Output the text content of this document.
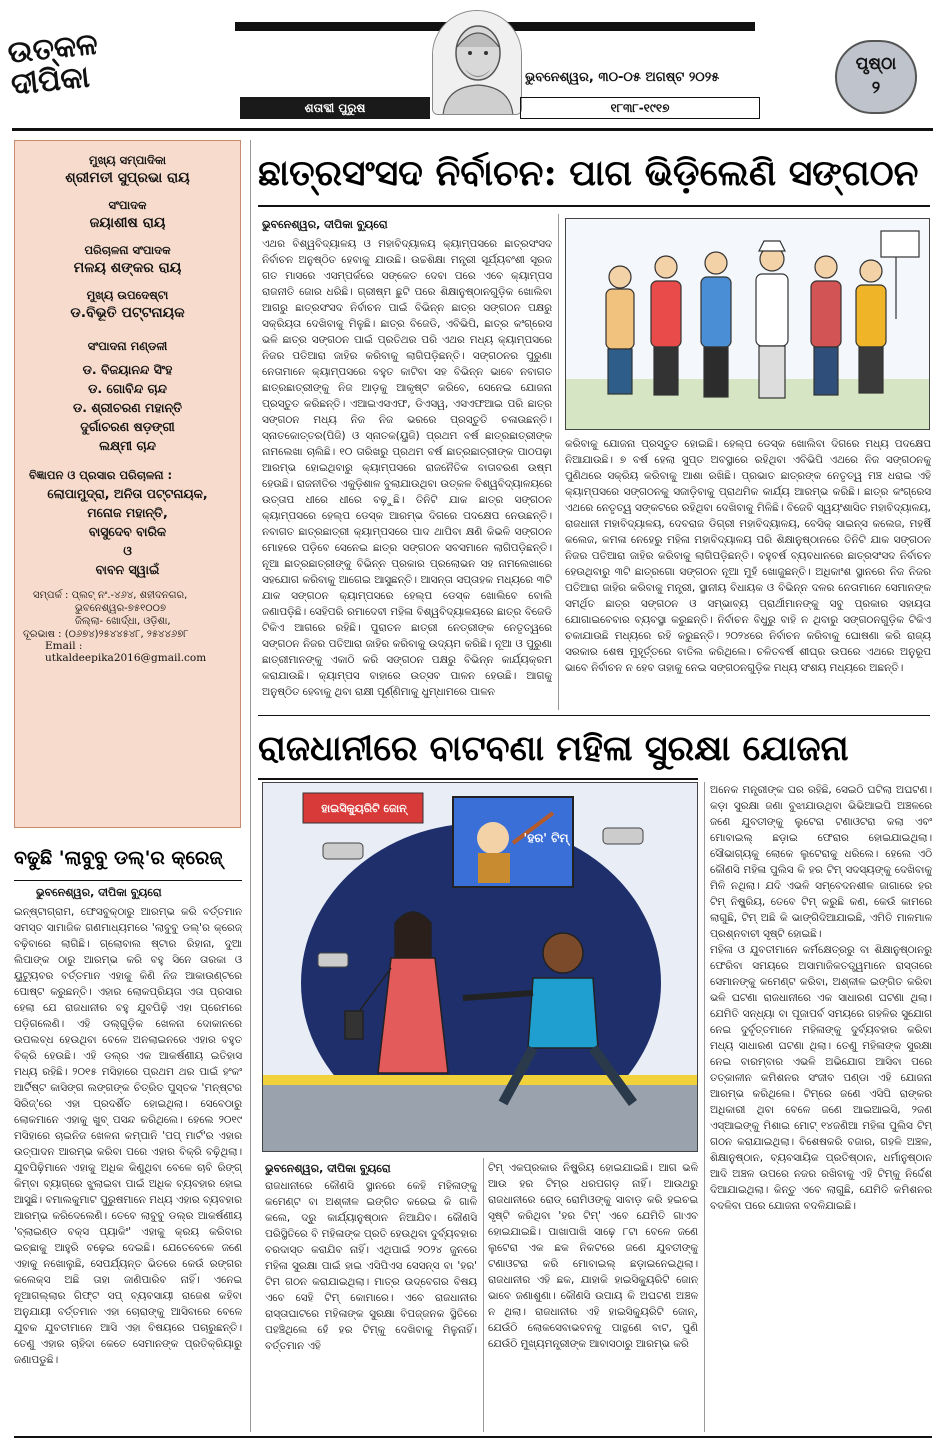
ଉତ୍କଳ ଦୀପିକା	ଭୁବନେଶ୍ୱର, ୩୦-୦୫ ଅଗଷ୍ଟ ୨୦୨୫
ଶତାବ୍ଦୀ ପୁରୁଷ	୧୮୩୮-୧୯୧୭
ପୃଷ୍ଠା
୨
ମୁଖ୍ୟ ସମ୍ପାଦିକା
ଶ୍ରୀମତୀ ସୁପ୍ରଭା ରାୟ
ସଂପାଦକ
ଜୟାଶୀଷ ରାୟ
ପରିଚାଳନା ସଂପାଦକ
ମଳୟ ଶଙ୍କର ରାୟ
ମୁଖ୍ୟ ଉପଦେଷ୍ଟା
ଡ.ବିଭୂତି ପଟ୍ଟନାୟକ
ସଂପାଦନା ମଣ୍ଡଳୀ
ଡ. ବିଜୟାନନ୍ଦ ସିଂହ
ଡ. ଗୋବିନ୍ଦ ଚାନ୍ଦ
ଡ. ଶ୍ରୀଚରଣ ମହାନ୍ତି
ଦୁର୍ଗାଚରଣ ଷଡ଼ଙ୍ଗୀ
ଲକ୍ଷ୍ମୀ ଚାନ୍ଦ
ବିଜ୍ଞାପନ ଓ ପ୍ରସାର ପରିଚାଳନା :
ଲୋପାମୁଦ୍ରା, ଅନିତା ପଟ୍ଟନାୟକ,
ମନୋଜ ମହାନ୍ତି,
ବାସୁଦେବ ବାରିକ
ଓ
ବାବନ ସ୍ୱାଇଁ
ସମ୍ପର୍କ : ପ୍ଲଟ୍ ନଂ.-୪୬୪, ଶହୀଦନଗର,
ଭୁବନେଶ୍ୱର-୭୫୧୦୦୭
ଜିଲ୍ଲା- ଖୋର୍ଦ୍ଧା, ଓଡ଼ିଶା,
ଦୂରଭାଷ : (୦୬୭୪)୨୫୪୪୫୪୮, ୨୫୪୪୬୭୮
Email : utkaldeepika2016@gmail.com
ଛାତ୍ରସଂସଦ ନିର୍ବାଚନ: ପାଗ ଭିଡ଼ିଲେଣି ସଙ୍ଗଠନ
ଭୁବନେଶ୍ୱର, ଦୀପିକା ବ୍ୟୁରୋ
ଏଥର ବିଶ୍ୱବିଦ୍ୟାଳୟ ଓ ମହାବିଦ୍ୟାଳୟ କ୍ୟାମ୍ପସରେ ଛାତ୍ରସଂସଦ ନିର୍ବାଚନ ଅନୁଷ୍ଠିତ ହେବାକୁ ଯାଉଛି। ଉଚ୍ଚଶିକ୍ଷା ମନ୍ତ୍ରୀ ସୂର୍ଯ୍ୟବଂଶୀ ସୂରଜ ଗତ ମାସରେ ଏସମ୍ପର୍କରେ ସଙ୍କେତ ଦେବା ପରେ ଏବେ କ୍ୟାମ୍ପସ ରାଜନୀତି ଜୋର ଧରିଛି। ଗ୍ରୀଷ୍ମ ଛୁଟି ପରେ ଶିକ୍ଷାନୁଷ୍ଠାନଗୁଡ଼ିକ ଖୋଲିବା ଆଗରୁ ଛାତ୍ରସଂସଦ ନିର୍ବାଚନ ପାଇଁ ବିଭିନ୍ନ ଛାତ୍ର ସଙ୍ଗଠନ ପକ୍ଷରୁ ସକ୍ରିୟତା ଦେଖିବାକୁ ମିଳୁଛି। ଛାତ୍ର ବିଜେଡି, ଏବିଭିପି, ଛାତ୍ର କଂଗ୍ରେସ ଭଳି ଛାତ୍ର ସଙ୍ଗଠନ ପାଇଁ ପ୍ରତିଥର ପରି ଏଥର ମଧ୍ୟ କ୍ୟାମ୍ପସରେ ନିଜର ପତିଆରା ଜାହିର କରିବାକୁ ଲାଗିପଡ଼ିଛନ୍ତି। ସଙ୍ଗଠନର ପୁରୁଣା ନେତାମାନେ କ୍ୟାମ୍ପସରେ ବହୁତ କାଟିବା ସହ ବିଭିନ୍ନ ଭାବେ ନବାଗତ ଛାତ୍ରଛାତ୍ରୀଙ୍କୁ ନିଜ ଆଡ଼କୁ ଆକୃଷ୍ଟ କରିବେ, ସେନେଇ ଯୋଜନା ପ୍ରସ୍ତୁତ କରିଛନ୍ତି। ଏଆଇଏସଏଫ, ଡିଏସୱ, ଏସଏଫଆଇ ପରି ଛାତ୍ର ସଙ୍ଗଠନ ମଧ୍ୟ ନିଜ ନିଜ ଭରରେ ପ୍ରସ୍ତୁତି ଚଳାଉଛନ୍ତି। ସ୍ନାତକୋତ୍ତର(ପିଜି) ଓ ସ୍ନାତକ(ୟୁଜି) ପ୍ରଥମ ବର୍ଷ ଛାତ୍ରଛାତ୍ରୀଙ୍କ ନାମଲେଖା ଚାଲିଛି। ୧୦ ତାରିଖରୁ ପ୍ରଥମ ବର୍ଷ ଛାତ୍ରଛାତ୍ରୀଙ୍କ ପାଠପଢ଼ା ଆରମ୍ଭ ହୋଇଥିବାରୁ କ୍ୟାମ୍ପସରେ ରାଜନୈତିକ ବାତାବରଣ ଉଷ୍ମ ହେଉଛି। ରାଜନୀତିର ଏକୁଡ଼ିଶାଳ ବୁଲାଯାଉଥିବା ଉତ୍କଳ ବିଶ୍ୱବିଦ୍ୟାଳୟରେ ଉତ୍ତାପ ଧୀରେ ଧୀରେ ବଢ଼ୁଛି। ତିନିଟି ଯାକ ଛାତ୍ର ସଙ୍ଗଠନ କ୍ୟାମ୍ପସରେ ହେଲ୍ପ ଡେସ୍କ ଆରମ୍ଭ ଦିଗରେ ପଦକ୍ଷେପ ନେଉଛନ୍ତି। ନବାଗତ ଛାତ୍ରଛାତ୍ରୀ କ୍ୟାମ୍ପସରେ ପାଦ ଥାପିବା କ୍ଷଣି କିଭଳି ସଙ୍ଗଠନ ମୋହରେ ପଡ଼ିବେ ସେନେଇ ଛାତ୍ର ସଙ୍ଗଠନ ସବସମାନେ ଲାଗିପଡ଼ିଛନ୍ତି। ନୂଆ ଛାତ୍ରଛାତ୍ରୀଙ୍କୁ ବିଭିନ୍ନ ପ୍ରକାର ପ୍ରଲୋଭନ ସହ ନାମଲେଖାରେ ସହଯୋଗ କରିବାକୁ ଆଗେଇ ଆସୁଛନ୍ତି। ଆସନ୍ତା ସପ୍ତାହକ ମଧ୍ୟରେ ୩ଟି ଯାକ ସଙ୍ଗଠନ କ୍ୟାମ୍ପସରେ ହେଲ୍ପ ଡେସ୍କ ଖୋଲିବେ ବୋଲି ଜଣାପଡ଼ିଛି। ସେହିପରି ରମାଦେବୀ ମହିଳା ବିଶ୍ୱବିଦ୍ୟାଳୟରେ ଛାତ୍ର ବିଜେଡି ଟିକିଏ ଆଗରେ ରହିଛି। ପୁରାତନ ଛାତ୍ରୀ ନେତ୍ରୀଙ୍କ ନେତୃତ୍ୱରେ ସଙ୍ଗଠନ ନିଜର ପତିଆରା ଜାହିର କରିବାକୁ ଉଦ୍ୟମ କରିଛି। ନୂଆ ଓ ପୁରୁଣା ଛାତ୍ରୀମାନଙ୍କୁ ଏକାଠି କରି ସଙ୍ଗଠନ ପକ୍ଷରୁ ବିଭିନ୍ନ କାର୍ଯ୍ୟକ୍ରମ କରାଯାଉଛି। କ୍ୟାମ୍ପସ ବାହାରେ ଉତ୍ସବ ପାଳନ ହେଉଛି। ଆଗକୁ ଅନୁଷ୍ଠିତ ହେବାକୁ ଥିବା ରାକ୍ଷୀ ପୂର୍ଣ୍ଣିମାକୁ ଧୁମ୍‌ଧାମରେ ପାଳନ
କରିବାକୁ ଯୋଜନା ପ୍ରସ୍ତୁତ ହୋଇଛି। ହେଲ୍ପ ଡେସ୍କ ଖୋଲିବା ଦିଗରେ ମଧ୍ୟ ପଦକ୍ଷେପ ନିଆଯାଉଛି। ୭ ବର୍ଷ ହେଲା ସୁପ୍ତ ଅବସ୍ଥାରେ ରହିଥିବା ଏବିଭିପି ଏଥରେ ନିଜ ସଙ୍ଗଠନକୁ ପୁଣିଥରେ ସକ୍ରିୟ କରିବାକୁ ଆଶା ରଖିଛି। ପ୍ରଭାତ ଛାତ୍ରଙ୍କ ନେତୃତ୍ୱ ମଞ୍ଚ ଧରାଇ ଏହି କ୍ୟାମ୍ପସରେ ସଙ୍ଗଠନକୁ ସଜାଡ଼ିବାକୁ ପ୍ରାଥମିକ କାର୍ଯ୍ୟ ଆରମ୍ଭ କରିଛି। ଛାତ୍ର କଂଗ୍ରେସ ଏଥରେ ନେତୃତ୍ୱ ସଙ୍କଟରେ ରହିଥିବା ଦେଖିବାକୁ ମିଳିଛି। ବିଜେବି ସ୍ୱୟଂଶାସିତ ମହାବିଦ୍ୟାଳୟ, ରାଜଧାନୀ ମହାବିଦ୍ୟାଳୟ, ଦେବରାଜ ଡିଗ୍ରୀ ମହାବିଦ୍ୟାଳୟ, ବେସିକ୍ ସାଇନ୍ସ କଲେଜ, ମହର୍ଷି କଲେଜ, କମଳା ନେହେରୁ ମହିଳା ମହାବିଦ୍ୟାଳୟ ପରି ଶିକ୍ଷାନୁଷ୍ଠାନରେ ତିନିଟି ଯାକ ସଙ୍ଗଠନ ନିଜର ପତିଆରା ଜାହିର କରିବାକୁ ଲାଗିପଡ଼ିଛନ୍ତି। ବହୁବର୍ଷ ବ୍ୟବଧାନରେ ଛାତ୍ରସଂସଦ ନିର୍ବାଚନ ହେଉଥିବାରୁ ୩ଟି ଛାତ୍ରଗୋ ସଙ୍ଗଠନ ନୂଆ ମୁହଁ ଖୋଜୁଛନ୍ତି। ଅଧିକାଂଶ ସ୍ଥାନରେ ନିଜ ନିଜର ପତିଆରା ଜାହିର କରିବାକୁ ମନ୍ତ୍ରୀ, ସ୍ଥାନୀୟ ବିଧାୟକ ଓ ବିଭିନ୍ନ ଦଳର ନେତାମାନେ ସେମାନଙ୍କ ସମର୍ଥିତ ଛାତ୍ର ସଙ୍ଗଠନ ଓ ସମ୍ଭାବ୍ୟ ପ୍ରାର୍ଥୀମାନଙ୍କୁ ସବୁ ପ୍ରକାର ସହାୟତା ଯୋଗାଇବେବାର ବ୍ୟବସ୍ଥା କରୁଛନ୍ତି। ନିର୍ବାଚନ ବିଧୁରୁ ବାହି ନ ଥିବାରୁ ସଙ୍ଗଠନଗୁଡ଼ିକ ଟିକିଏ ଚକାଯାଉଛି ମଧ୍ୟରେ ରହି କରୁଛନ୍ତି। ୨୦୨୪ରେ ନିର୍ବାଚନ କରିବାକୁ ଘୋଷଣା କରି ରାଜ୍ୟ ସରକାର ଶେଷ ମୁହୂର୍ତ୍ତରେ ବାତିଲ କରିଥିଲେ। ଚଳିତବର୍ଷ ଶୀଘ୍ର ଉପରେ ଏଥରେ ଅନୁରୂପ ଭାବେ ନିର୍ବାଚନ ନ ହେବ ତାହାକୁ ନେଇ ସଙ୍ଗଠନଗୁଡ଼ିକ ମଧ୍ୟ ସଂଶୟ ମଧ୍ୟରେ ଅଛନ୍ତି।
ରାଜଧାନୀରେ ବାଟବଣା ମହିଳା ସୁରକ୍ଷା ଯୋଜନା
ହାଇସିକ୍ୟୁରିଟି ଜୋନ୍
'ହର' ଟିମ୍
ଭୁବନେଶ୍ୱର, ଦୀପିକା ବ୍ୟୁରୋ
ରାଜଧାନୀରେ କୌଣସି ସ୍ଥାନରେ କେହି ମହିଳାଙ୍କୁ କମେଣ୍ଟ ବା ଅଶ୍ଳୀଳ ଇଙ୍ଗିତ କରେଇ କି ଗାଳି କଲେ, ଦ୍ରୁ କାର୍ଯ୍ୟାନୁଷ୍ଠାନ ନିଆଯିବ। କୌଣସି ପରିସ୍ଥିତିରେ ବି ମହିଳାଙ୍କ ପ୍ରତି ହେଉଥିବା ଦୁର୍ବ୍ୟବହାର ବରଦାସ୍ତ କରାଯିବ ନାହିଁ। ଏଥିପାଇଁ ୨୦୨୪ ଜୁନରେ ମହିଳା ସୁରକ୍ଷା ପାଇଁ ହାଇ ଏସିପିଏସ ସେସନ୍ସ ବା 'ହର' ଟିମ ଗଠନ କରାଯାଇଥିଲା। ମାତ୍ର ଉଦ୍‌ବେଗର ବିଷୟ ଏବେ ସେହି ଟିମ୍ କୋମାରେ। ଏବେ ରାଜଧାନୀର ରାସ୍ତାଘାଟରେ ମହିଳାଙ୍କ ସୁରକ୍ଷା ବିପଜ୍ଜନକ ସ୍ଥିତିରେ ପହଞ୍ଚିଥିଲେ ହେଁ ହର ଟିମ୍‌କୁ ଦେଖିବାକୁ ମିଳୁନାହିଁ। ବର୍ତ୍ତମାନ ଏହି
ଟିମ୍ ଏକପ୍ରକାର ନିଷ୍କ୍ରିୟ ହୋଇଯାଇଛି। ଆଗ ଭଳି ଆଉ ହର ଟିମ୍‌ର ଧରପଗଡ଼ ନାହିଁ। ଆଉଥରୁ ରାଜଧାନୀରେ ରୋଡ୍ ରୋମିଓଙ୍କୁ ସାବାଡ଼ କରି ହଇଚଇ ସୃଷ୍ଟି କରିଥିବା 'ହର ଟିମ୍' ଏବେ ଯେମିତି ଗାଏବ ହୋଇଯାଇଛି। ପାଖାପାଖି ସାଢ଼େ ୮ଟା ବେଳେ ଜଣେ ଲୁଟେରା ଏକ ଛକ ନିକଟରେ ଜଣେ ଯୁବତୀଙ୍କୁ ଟଣାଓଟରା କରି ମୋବାଇଲ୍ ଛଡ଼ାଇନେଇଥିଲା। ରାଜଧାନୀର ଏହି ଛକ, ଯାହାକି ହାଇସିକ୍ୟୁରିଟି ଜୋନ୍ ଭାବେ ଜଣାଶୁଣା। କୌଣସି ଉପାୟ କି ଅଘଟଣ ଅଞ୍ଚଳ ନ ଥିଲା। ରାଜଧାନୀର ଏହି ହାଇସିକ୍ୟୁରିଟି ଜୋନ୍, ଯେଉଁଠି ଲୋକସେବାଭବନକୁ ପାନ୍ଥଣେ ବାଟ, ପୁଣି ଯେଉଁଠି ମୁଖ୍ୟମନ୍ତ୍ରୀଙ୍କ ଆବାସଠାରୁ ଆରମ୍ଭ କରି
ଅନେକ ମନ୍ତ୍ରୀଙ୍କ ଘର ରହିଛି, ସେଇଠି ଘଟିଲା ଅଘଟଣ। କଡ଼ା ସୁରକ୍ଷା ଜଣା ବୁଝାଯାଉଥିବା ଭିଭିଆଇପି ଅଞ୍ଚଳରେ ଜଣେ ଯୁବତୀଙ୍କୁ ଲୁଟେରା ଟଣାଓଟରା କଲା ଏବଂ ମୋବାଇଲ୍ ଛଡ଼ାଇ ଫେରାର ହୋଇଯାଇଥିଲା। ସୌଭାଗ୍ୟକୁ ଲୋକେ ଲୁଟେରାକୁ ଧରିଲେ। ହେଲେ ଏଠି କୌଣସି ମହିଳା ପୁଲିସ କି ହର ଟିମ୍ ସଦସ୍ୟଙ୍କୁ ଦେଖିବାକୁ ମିଳି ନଥିଲା। ଯଦି ଏଭଳି ସମ୍ବେଦନଶୀଳ ଜାଗାରେ ହର ଟିମ୍ ନିଷ୍କ୍ରିୟ, ତେବେ ଟିମ୍ କରୁଛି କଣ, କେଉଁ କାମରେ ଲାଗୁଛି, ଟିମ୍ ଅଛି କି ଭାଙ୍ଗିଦିଆଯାଇଛି, ଏମିତି ମାଳମାଳ ପ୍ରଶ୍ନବାଚୀ ସୃଷ୍ଟି ହୋଇଛି।
ମହିଳା ଓ ଯୁବତୀମାନେ କର୍ମକ୍ଷେତ୍ରରୁ ବା ଶିକ୍ଷାନୁଷ୍ଠାନରୁ ଫେରିବା ସମୟରେ ଅସାମାଜିକତତ୍ତ୍ୱମାନେ ରାସ୍ତାରେ ସେମାନଙ୍କୁ କମେଣ୍ଟ କରିବା, ଅଶ୍ଳୀଳ ଇଙ୍ଗିତ କରିବା ଭଳି ଘଟଣା ରାଜଧାନୀରେ ଏକ ସାଧାରଣ ଘଟଣା ଥିଲା। ଯେମିତି ସନ୍ଧ୍ୟା ବା ପୂଜାପର୍ବ ସମୟରେ ଗହଳିର ସୁଯୋଗ ନେଇ ଦୁର୍ବୃତ୍ତମାନେ ମହିଳାଙ୍କୁ ଦୁର୍ବ୍ୟବହାର କରିବା ମଧ୍ୟ ସାଧାରଣ ଘଟଣା ଥିଲା। ତେଣୁ ମହିଳାଙ୍କ ସୁରକ୍ଷା ନେଇ ବାରମ୍ବାର ଏଭଳି ଅଭିଯୋଗ ଆସିବା ପରେ ତତ୍କାଳୀନ କମିଶନର ସଂଜୀବ ପଣ୍ଡା ଏହି ଯୋଜନା ଆରମ୍ଭ କରିଥିଲେ। ଟିମ୍‌ରେ ଜଣେ ଏସିପି ରାଙ୍କର ଅଧିକାରୀ ଥିବା ବେଳେ ଜଣେ ଆଇଆଇସି, ୨ଜଣ ଏସ୍ଆଇଙ୍କୁ ମିଶାଇ ମୋଟ୍ ୧୪ଜଣିଆ ମହିଳା ପୁଲିସ ଟିମ୍ ଗଠନ କରାଯାଇଥିଲା। ବିଶେଷକରି ବଜାର, ଗହଳି ଅଞ୍ଚଳ, ଶିକ୍ଷାନୁଷ୍ଠାନ, ବ୍ୟବସାୟିକ ପ୍ରତିଷ୍ଠାନ, ଧର୍ମାନୁଷ୍ଠାନ ଆଦି ଅଞ୍ଚଳ ଉପରେ ନଜର ରଖିବାକୁ ଏହି ଟିମ୍‌କୁ ନିର୍ଦ୍ଦେଶ ଦିଆଯାଇଥିଲା। କିନ୍ତୁ ଏବେ ଲାଗୁଛି, ଯେମିତି କମିଶନର ବଦଳିବା ପରେ ଯୋଜନା ବଦଳିଯାଇଛି।
ବଢୁଛି 'ଲାବୁବୁ ଡଲ୍'ର କ୍ରେଜ୍
ଭୁବନେଶ୍ୱର, ଦୀପିକା ବ୍ୟୁରୋ
ଇନ୍‌ଷ୍ଟାଗ୍ରାମ, ଫେସବୁକ୍‌ଠାରୁ ଆରମ୍ଭ କରି ବର୍ତ୍ତମାନ ସମସ୍ତ ସାମାଜିକ ଗଣମାଧ୍ୟମରେ 'ଲାବୁବୁ ଡଲ୍'ର କ୍ରେଜ୍ ବଢ଼ିବାରେ ଲାଗିଛି। ଗ୍ଲୋବାଲ ଷ୍ଟାର ରିହାନା, ଦୁଆ ଲିପାଙ୍କ ଠାରୁ ଆରମ୍ଭ କରି ବହୁ ସିନେ ତାରକା ଓ ୟୁଟ୍ୟୁବର ବର୍ତ୍ତମାନ ଏହାକୁ କିଣି ନିଜ ଆକାଉଣ୍ଟରେ ପୋଷ୍ଟ କରୁଛନ୍ତି। ଏହାର ଲୋକପ୍ରିୟତା ଏତା ପ୍ରସାର ହେଲା ଯେ ରାଜଧାନୀର ବହୁ ଯୁବପିଢ଼ି ଏହା ପ୍ରେମରେ ପଡ଼ିଗଲେଣି। ଏହି ଡଲ୍‌ଗୁଡ଼ିକ ଖେଳନା ଦୋକାନରେ ଉପଲବ୍ଧ ହେଉଥିବା ବେଳେ ଅନଲାଇନରେ ଏହାର ବହୁତ ବିକ୍ରି ହେଉଛି। ଏହି ଡଲ୍‌ର ଏକ ଆକର୍ଷଣୀୟ ଇତିହାସ ମଧ୍ୟ ରହିଛି। ୨୦୧୫ ମସିହାରେ ପ୍ରଥମ ଥର ପାଇଁ ହଂକଂ ଆର୍ଟିଷ୍ଟ କାସିଙ୍ଗ ଲଙ୍ଗଙ୍କ ଚିତ୍ରିତ ପୁସ୍ତକ 'ମନ୍‌ଷ୍ଟର ସିରିଜ୍'ରେ ଏହା ପ୍ରଦର୍ଶିତ ହୋଇଥିଲା। ସେବେଠାରୁ ଲୋକମାନେ ଏହାକୁ ଖୁବ୍ ପସନ୍ଦ କରିଥିଲେ। ହେଲେ ୨୦୧୯ ମସିହାରେ ଚାଇନିଜ ଖେଳନା କମ୍ପାନି 'ପପ୍ ମାର୍ଟ'ର ଏହାର ଉତ୍ପାଦନ ଆରମ୍ଭ କରିବା ପରେ ଏହାର ବିକ୍ରି ବଢ଼ିଥିଲା। ଯୁବପିଢ଼ିମାନେ ଏହାକୁ ଅଧିକ କିଣୁଥିବା ବେଳେ ଚାବି ରିଙ୍ଗ୍ କିମ୍ବା ବ୍ୟାଗ୍‌ରେ ଝୁଲାଇବା ପାଇଁ ଅଧିକ ବ୍ୟବହାର ହୋଇ ଆସୁଛି। ବମାଲକୁମାଟ ପୁରୁଷମାନେ ମଧ୍ୟ ଏହାର ବ୍ୟବହାର ଆରମ୍ଭ କରିଦେଲେଣି। ତେବେ ଲାବୁବୁ ଡଲ୍‌ର ଆକର୍ଷଣୀୟ 'ବ୍ଲାଇଣ୍ଡ ବକ୍ସ ପ୍ୟାକିଂ' ଏହାକୁ କ୍ରୟ କରିବାର ଇଚ୍ଛାକୁ ଆହୁରି ବଢ଼େଇ ଦେଇଛି। ଯେତେବେଳେ ଜଣେ ଏହାକୁ ନଖୋଲୁଛି, ସେପର୍ଯ୍ୟନ୍ତ ଭିତରେ କେଉଁ ରଙ୍ଗର କଲେକ୍ସ ଅଛି ତାହା ଜାଣିପାରିବ ନାହିଁ। ଏନେଇ ନୂଆଗଲ୍ଲାର ଗିଫ୍ଟ ସପ୍ ବ୍ୟବସାୟୀ ରାଜେଶ କହିବା ଅନୁଯାୟୀ ବର୍ତ୍ତମାନ ଏହା ଚୋରାଙ୍କୁ ଆସିବାରେ ବେଳେ ଯୁବକ ଯୁବତୀମାନେ ଆସି ଏହା ବିଷୟରେ ପଚାରୁଛନ୍ତି। ତେଣୁ ଏହାର ଚାହିଦା କେତେ ସେମାନଙ୍କ ପ୍ରତିକ୍ରିୟାରୁ ଜଣାପଡୁଛି।
